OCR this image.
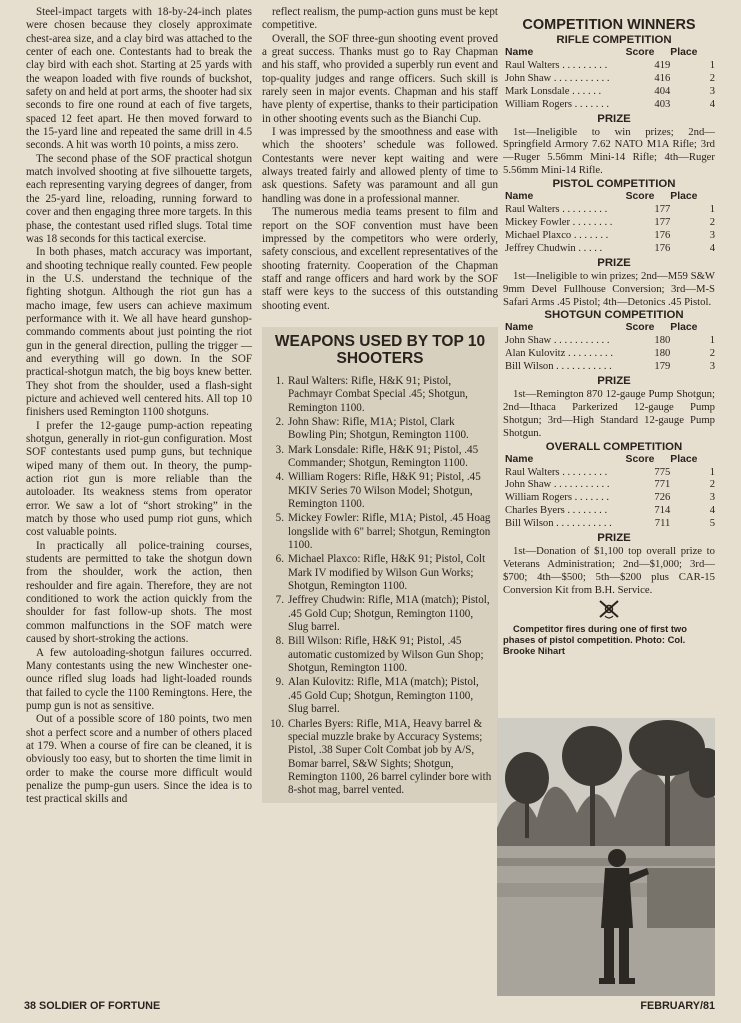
Steel-impact targets with 18-by-24-inch plates were chosen because they closely approximate chest-area size, and a clay bird was attached to the center of each one. Contestants had to break the clay bird with each shot. Starting at 25 yards with the weapon loaded with five rounds of buckshot, safety on and held at port arms, the shooter had six seconds to fire one round at each of five targets, spaced 12 feet apart. He then moved forward to the 15-yard line and repeated the same drill in 4.5 seconds. A hit was worth 10 points, a miss zero.

The second phase of the SOF practical shotgun match involved shooting at five silhouette targets, each representing varying degrees of danger, from the 25-yard line, reloading, running forward to cover and then engaging three more targets. In this phase, the contestant used rifled slugs. Total time was 18 seconds for this tactical exercise.

In both phases, match accuracy was important, and shooting technique really counted. Few people in the U.S. understand the technique of the fighting shotgun. Although the riot gun has a macho image, few users can achieve maximum performance with it. We all have heard gunshop-commando comments about just pointing the riot gun in the general direction, pulling the trigger — and everything will go down. In the SOF practical-shotgun match, the big boys knew better. They shot from the shoulder, used a flash-sight picture and achieved well centered hits. All top 10 finishers used Remington 1100 shotguns.

I prefer the 12-gauge pump-action repeating shotgun, generally in riot-gun configuration. Most SOF contestants used pump guns, but technique wiped many of them out. In theory, the pump-action riot gun is more reliable than the autoloader. Its weakness stems from operator error. We saw a lot of “short stroking” in the match by those who used pump riot guns, which cost valuable points.

In practically all police-training courses, students are permitted to take the shotgun down from the shoulder, work the action, then reshoulder and fire again. Therefore, they are not conditioned to work the action quickly from the shoulder for fast follow-up shots. The most common malfunctions in the SOF match were caused by short-stroking the actions.

A few autoloading-shotgun failures occurred. Many contestants using the new Winchester one-ounce rifled slug loads had light-loaded rounds that failed to cycle the 1100 Remingtons. Here, the pump gun is not as sensitive.

Out of a possible score of 180 points, two men shot a perfect score and a number of others placed at 179. When a course of fire can be cleaned, it is obviously too easy, but to shorten the time limit in order to make the course more difficult would penalize the pump-gun users. Since the idea is to test practical skills and

reflect realism, the pump-action guns must be kept competitive.

Overall, the SOF three-gun shooting event proved a great success. Thanks must go to Ray Chapman and his staff, who provided a superbly run event and top-quality judges and range officers. Such skill is rarely seen in major events. Chapman and his staff have plenty of expertise, thanks to their participation in other shooting events such as the Bianchi Cup.

I was impressed by the smoothness and ease with which the shooters’ schedule was followed. Contestants were never kept waiting and were always treated fairly and allowed plenty of time to ask questions. Safety was paramount and all gun handling was done in a professional manner.

The numerous media teams present to film and report on the SOF convention must have been impressed by the competitors who were orderly, safety conscious, and excellent representatives of the shooting fraternity. Cooperation of the Chapman staff and range officers and hard work by the SOF staff were keys to the success of this outstanding shooting event.

WEAPONS USED BY TOP 10 SHOOTERS
1. Raul Walters: Rifle, H&K 91; Pistol, Pachmayr Combat Special .45; Shotgun, Remington 1100.
2. John Shaw: Rifle, M1A; Pistol, Clark Bowling Pin; Shotgun, Remington 1100.
3. Mark Lonsdale: Rifle, H&K 91; Pistol, .45 Commander; Shotgun, Remington 1100.
4. William Rogers: Rifle, H&K 91; Pistol, .45 MKIV Series 70 Wilson Model; Shotgun, Remington 1100.
5. Mickey Fowler: Rifle, M1A; Pistol, .45 Hoag longslide with 6" barrel; Shotgun, Remington 1100.
6. Michael Plaxco: Rifle, H&K 91; Pistol, Colt Mark IV modified by Wilson Gun Works; Shotgun, Remington 1100.
7. Jeffrey Chudwin: Rifle, M1A (match); Pistol, .45 Gold Cup; Shotgun, Remington 1100, Slug barrel.
8. Bill Wilson: Rifle, H&K 91; Pistol, .45 automatic customized by Wilson Gun Shop; Shotgun, Remington 1100.
9. Alan Kulovitz: Rifle, M1A (match); Pistol, .45 Gold Cup; Shotgun, Remington 1100, Slug barrel.
10. Charles Byers: Rifle, M1A, Heavy barrel & special muzzle brake by Accuracy Systems; Pistol, .38 Super Colt Combat job by A/S, Bomar barrel, S&W Sights; Shotgun, Remington 1100, 26 barrel cylinder bore with 8-shot mag, barrel vented.

COMPETITION WINNERS

RIFLE COMPETITION

Name	Score	Place
Raul Walters . . . . . . . . .	419	1
John Shaw . . . . . . . . . . .	416	2
Mark Lonsdale . . . . . .	404	3
William Rogers . . . . . . .	403	4

PRIZE

1st—Ineligible to win prizes; 2nd—Springfield Armory 7.62 NATO M1A Rifle; 3rd—Ruger 5.56mm Mini-14 Rifle; 4th—Ruger 5.56mm Mini-14 Rifle.

PISTOL COMPETITION

Name	Score	Place
Raul Walters . . . . . . . . .	177	1
Mickey Fowler . . . . . . . .	177	2
Michael Plaxco . . . . . . .	176	3
Jeffrey Chudwin . . . . .	176	4

PRIZE

1st—Ineligible to win prizes; 2nd—M59 S&W 9mm Devel Fullhouse Conversion; 3rd—M-S Safari Arms .45 Pistol; 4th—Detonics .45 Pistol.

SHOTGUN COMPETITION

Name	Score	Place
John Shaw . . . . . . . . . . .	180	1
Alan Kulovitz . . . . . . . . .	180	2
Bill Wilson . . . . . . . . . . .	179	3

PRIZE

1st—Remington 870 12-gauge Pump Shotgun; 2nd—Ithaca Parkerized 12-gauge Pump Shotgun; 3rd—High Standard 12-gauge Pump Shotgun.

OVERALL COMPETITION

Name	Score	Place
Raul Walters . . . . . . . . .	775	1
John Shaw . . . . . . . . . . .	771	2
William Rogers . . . . . . .	726	3
Charles Byers . . . . . . . .	714	4
Bill Wilson . . . . . . . . . . .	711	5

PRIZE

1st—Donation of $1,100 top overall prize to Veterans Administration; 2nd—$1,000; 3rd—$700; 4th—$500; 5th—$200 plus CAR-15 Conversion Kit from B.H. Service.

Competitor fires during one of first two phases of pistol competition. Photo: Col. Brooke Nihart

38 SOLDIER OF FORTUNE	FEBRUARY/81
